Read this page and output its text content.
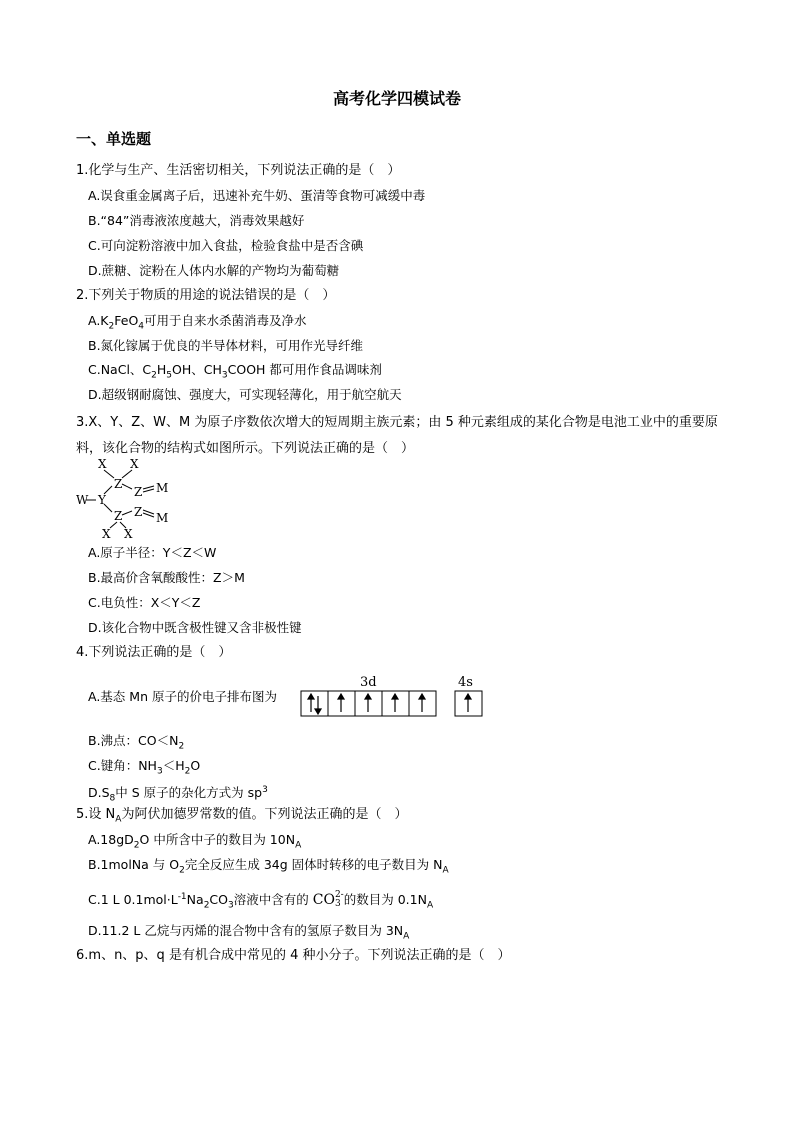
高考化学四模试卷
一、单选题
1.化学与生产、生活密切相关，下列说法正确的是（　）
A.误食重金属离子后，迅速补充牛奶、蛋清等食物可减缓中毒
B.“84”消毒液浓度越大，消毒效果越好
C.可向淀粉溶液中加入食盐，检验食盐中是否含碘
D.蔗糖、淀粉在人体内水解的产物均为葡萄糖
2.下列关于物质的用途的说法错误的是（　）
$A.K_2FeO_4$可用于自来水杀菌消毒及净水
B.氮化镓属于优良的半导体材料，可用作光导纤维
C.NaCl、$C_2H_5OH$、$CH_3COOH$ 都可用作食品调味剂
D.超级钢耐腐蚀、强度大，可实现轻薄化，用于航空航天
3.X、Y、Z、W、M 为原子序数依次增大的短周期主族元素；由 5 种元素组成的某化合物是电池工业中的重要原料，该化合物的结构式如图所示。下列说法正确的是（　）
X X
W Y
Z
Z
Z Z
M
M
X X
A.原子半径：Y＜Z＜W
B.最高价含氧酸酸性：Z＞M
C.电负性：X＜Y＜Z
D.该化合物中既含极性键又含非极性键
4.下列说法正确的是（　）
A.基态 Mn 原子的价电子排布图为
3d	4s
B.沸点：$CO<N_2$
C.键角：$NH_3<H_2O$
$D.S_8$中 S 原子的杂化方式为 $sp^3$
5.设 $N_A$为阿伏加德罗常数的值。下列说法正确的是（　）
$A.18gD_2O$ 中所含中子的数目为 $10N_A$
B.1molNa 与 $O_2$完全反应生成 34g 固体时转移的电子数目为 $N_A$
C.1 L $0.1mol\cdot L^{-1}Na_2CO_3$溶液中含有的 CO 2-
3 的数目为 $0.1N_A$
D.11.2 L 乙烷与丙烯的混合物中含有的氢原子数目为 $3N_A$
6.m、n、p、q 是有机合成中常见的 4 种小分子。下列说法正确的是（　）
